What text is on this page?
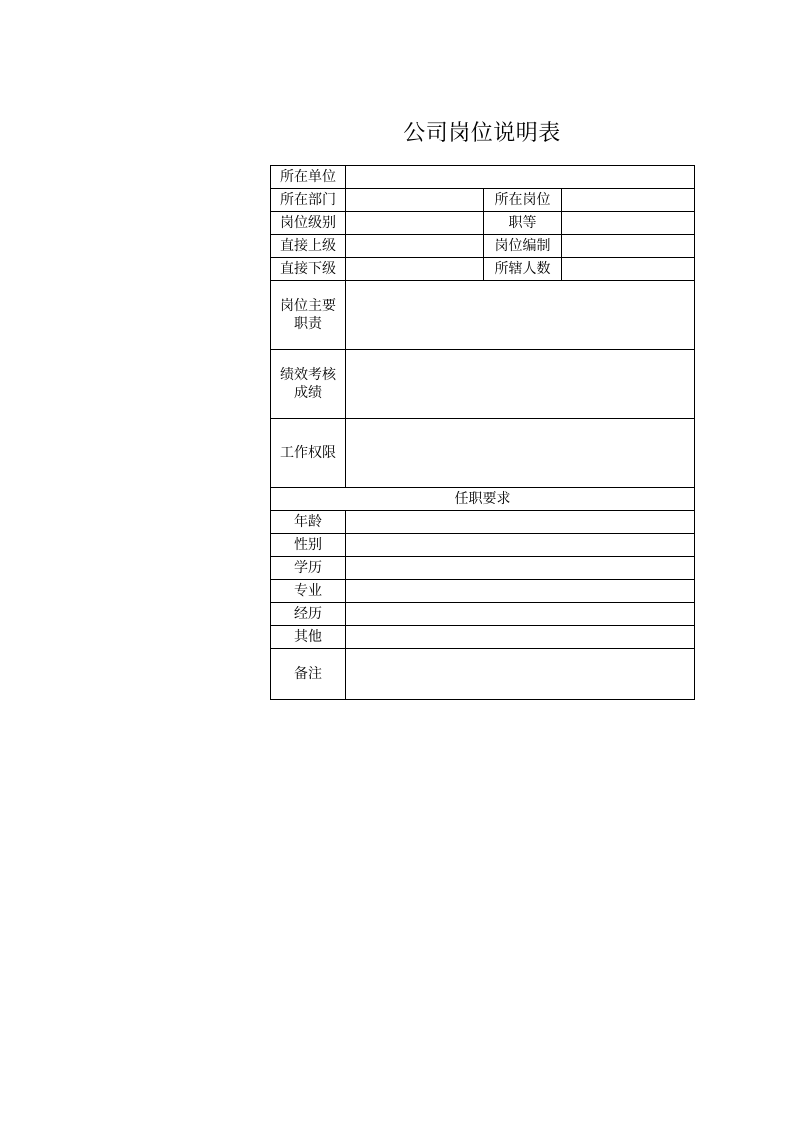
公司岗位说明表
所在单位			
所在部门		所在岗位	
岗位级别		职等	
直接上级		岗位编制	
直接下级		所辖人数	
岗位主要职责			
绩效考核成绩			
工作权限			
任职要求			
年龄			
性别			
学历			
专业			
经历			
其他			
备注			
